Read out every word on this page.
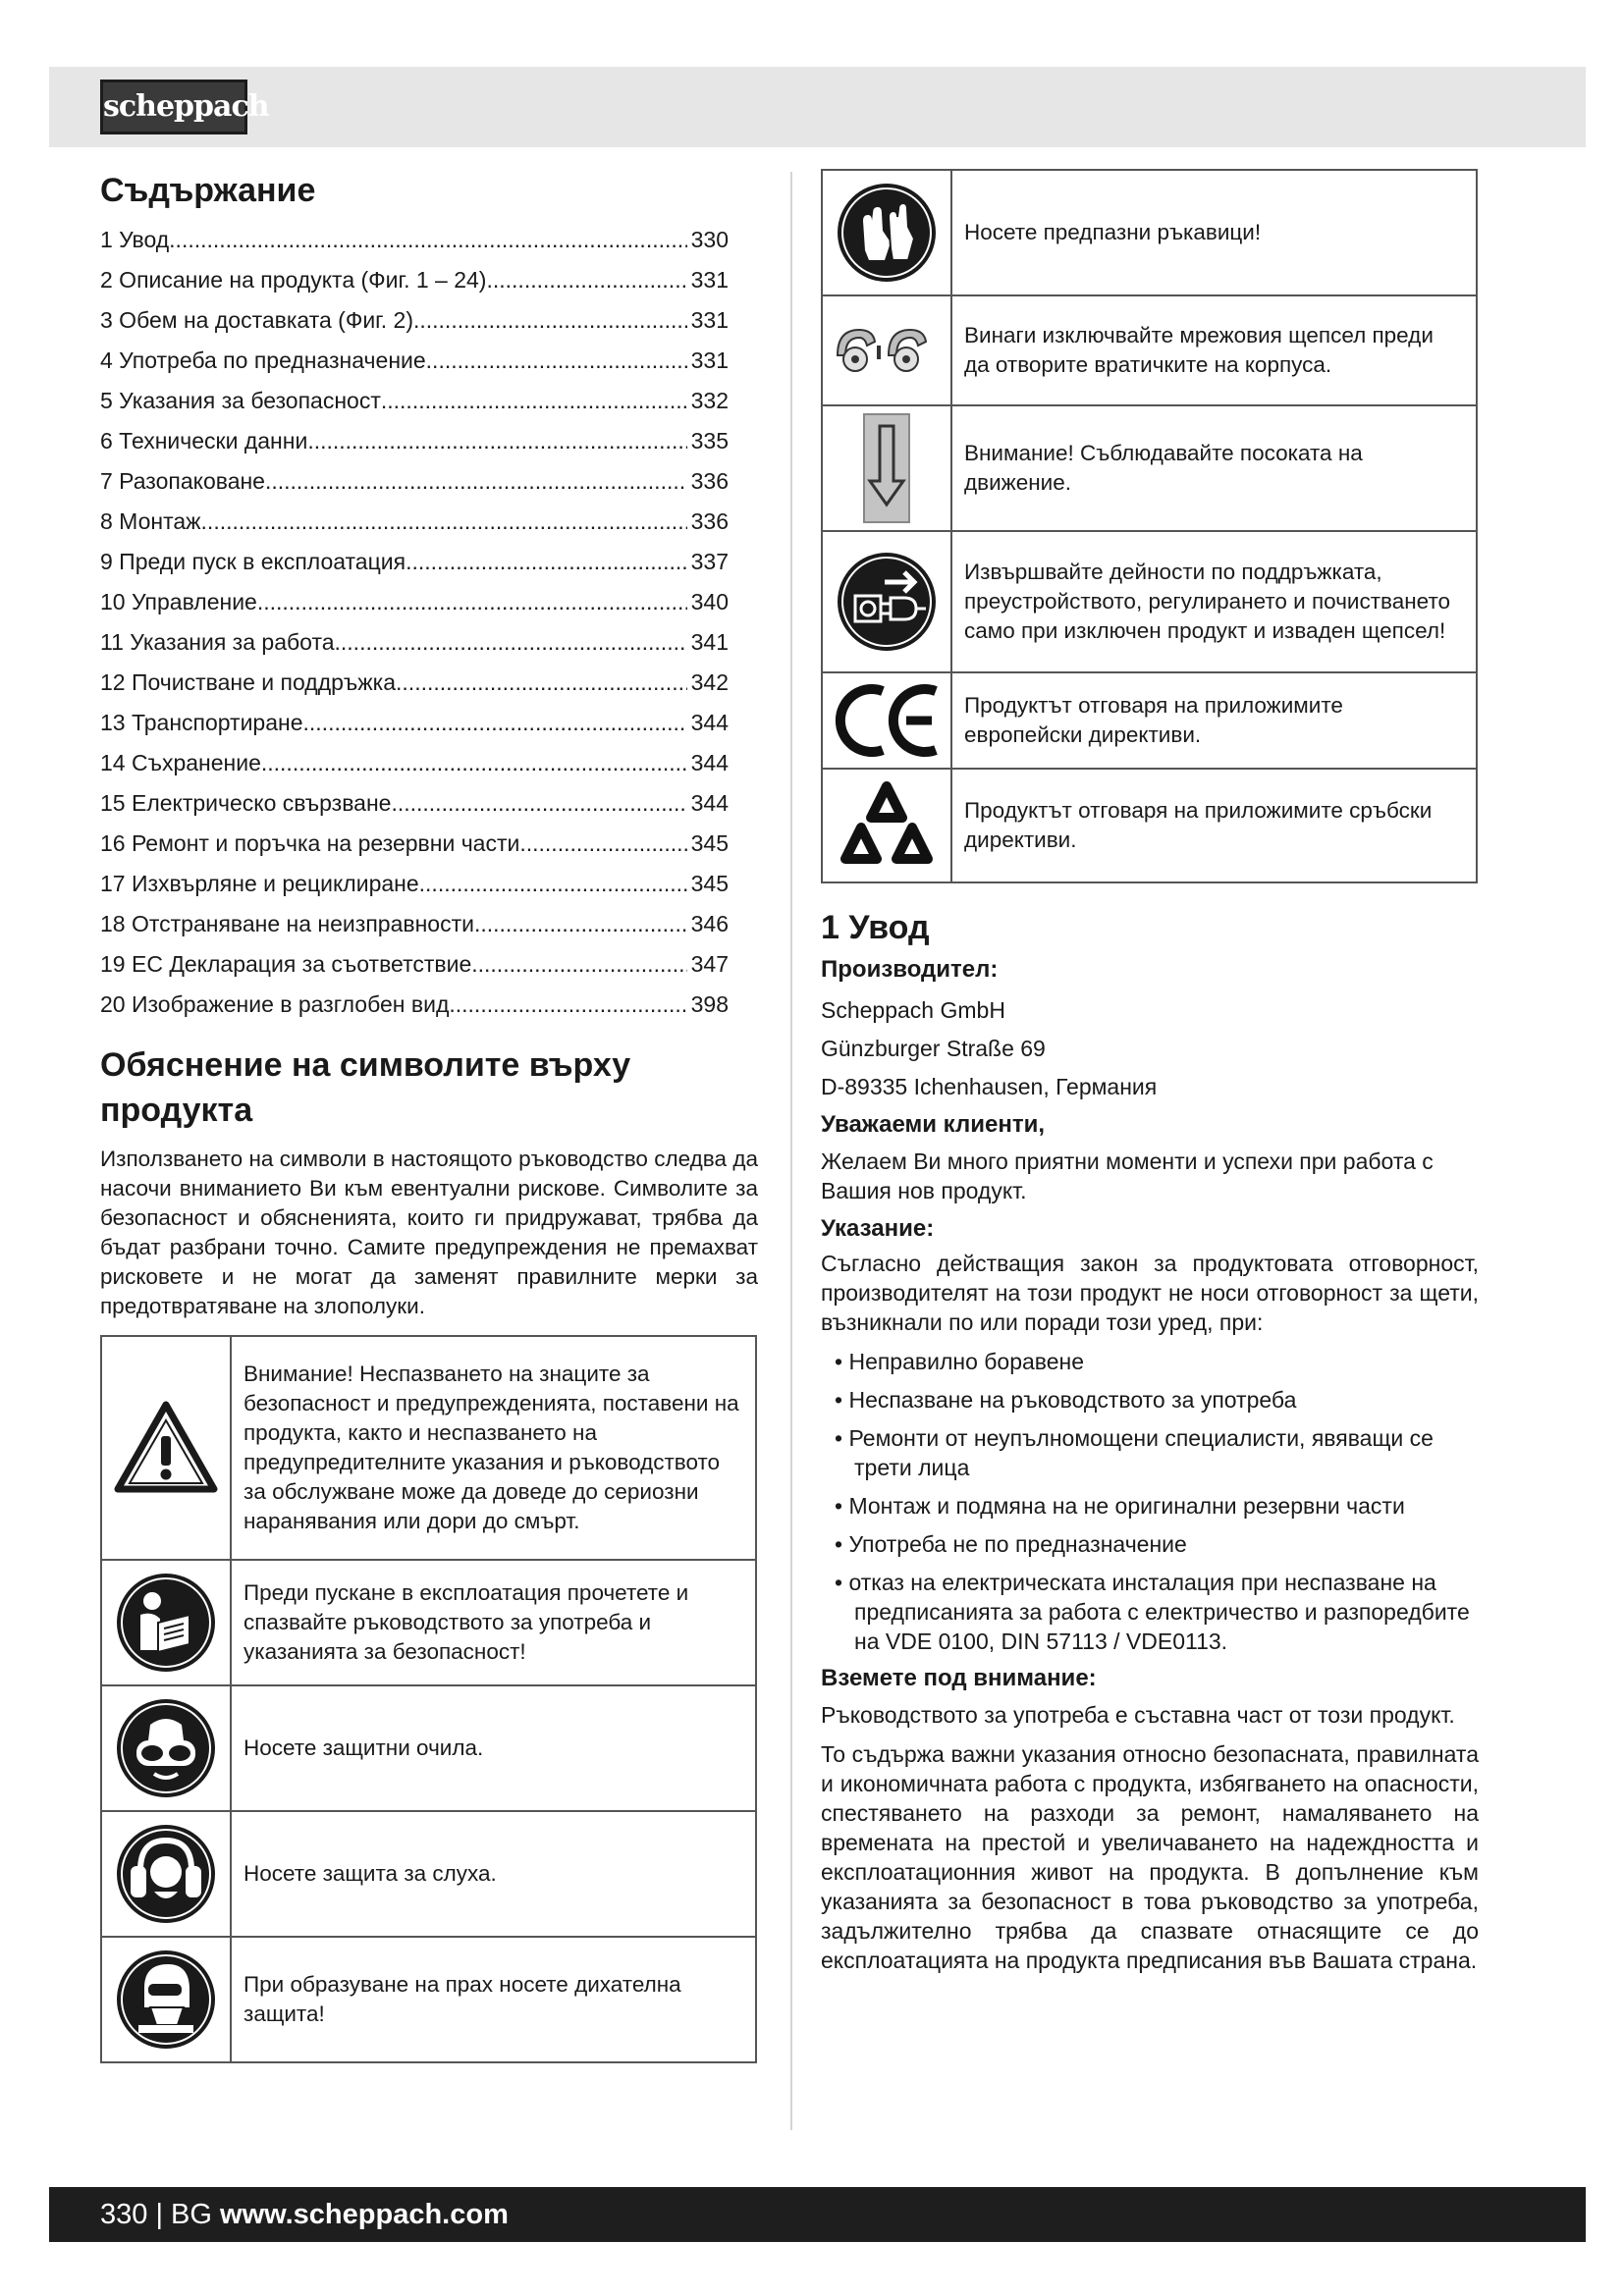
scheppach
Съдържание
1 Увод .....	330
2 Описание на продукта (Фиг. 1 – 24) .....	331
3 Обем на доставката (Фиг. 2) .....	331
4 Употреба по предназначение .....	331
5 Указания за безопасност .....	332
6 Технически данни .....	335
7 Разопаковане .....	336
8 Монтаж .....	336
9 Преди пуск в експлоатация .....	337
10 Управление .....	340
11 Указания за работа .....	341
12 Почистване и поддръжка .....	342
13 Транспортиране .....	344
14 Съхранение .....	344
15 Електрическо свързване .....	344
16 Ремонт и поръчка на резервни части .....	345
17 Изхвърляне и рециклиране .....	345
18 Отстраняване на неизправности .....	346
19 ЕС Декларация за съответствие .....	347
20 Изображение в разглобен вид .....	398
Обяснение на символите върху продукта

Използването на символи в настоящото ръководство следва да насочи вниманието Ви към евентуални рискове. Символите за безопасност и обясненията, които ги придружават, трябва да бъдат разбрани точно. Самите предупреждения не премахват рисковете и не могат да заменят правилните мерки за предотвратяване на злополуки.

	Внимание! Неспазването на знаците за безопасност и предупрежденията, поставени на продукта, както и неспазването на предупредителните указания и ръководството за обслужване може да доведе до сериозни наранявания или дори до смърт.
	Преди пускане в експлоатация прочетете и спазвайте ръководството за употреба и указанията за безопасност!
	Носете защитни очила.
	Носете защита за слуха.
	При образуване на прах носете дихателна защита!
	Носете предпазни ръкавици!
	Винаги изключвайте мрежовия щепсел преди да отворите вратичките на корпуса.
	Внимание! Съблюдавайте посоката на движение.
	Извършвайте дейности по поддръжката, преустройството, регулирането и почистването само при изключен продукт и изваден щепсел!
	Продуктът отговаря на приложимите европейски директиви.
	Продуктът отговаря на приложимите сръбски директиви.
1 Увод
Производител:
Scheppach GmbH
Günzburger Straße 69
D-89335 Ichenhausen, Германия
Уважаеми клиенти,

Желаем Ви много приятни моменти и успехи при работа с Вашия нов продукт.

Указание:

Съгласно действащия закон за продуктовата отговорност, производителят на този продукт не носи отговорност за щети, възникнали по или поради този уред, при:

• Неправилно боравене
• Неспазване на ръководството за употреба
• Ремонти от неупълномощени специалисти, явяващи се трети лица
• Монтаж и подмяна на не оригинални резервни части
• Употреба не по предназначение
• отказ на електрическата инсталация при неспазване на предписанията за работа с електричество и разпоредбите на VDE 0100, DIN 57113 / VDE0113.
Вземете под внимание:

Ръководството за употреба е съставна част от този продукт.

То съдържа важни указания относно безопасната, правилната и икономичната работа с продукта, избягването на опасности, спестяването на разходи за ремонт, намаляването на времената на престой и увеличаването на надеждността и експлоатационния живот на продукта. В допълнение към указанията за безопасност в това ръководство за употреба, задължително трябва да спазвате отнасящите се до експлоатацията на продукта предписания във Вашата страна.

330 | BG www.scheppach.com
